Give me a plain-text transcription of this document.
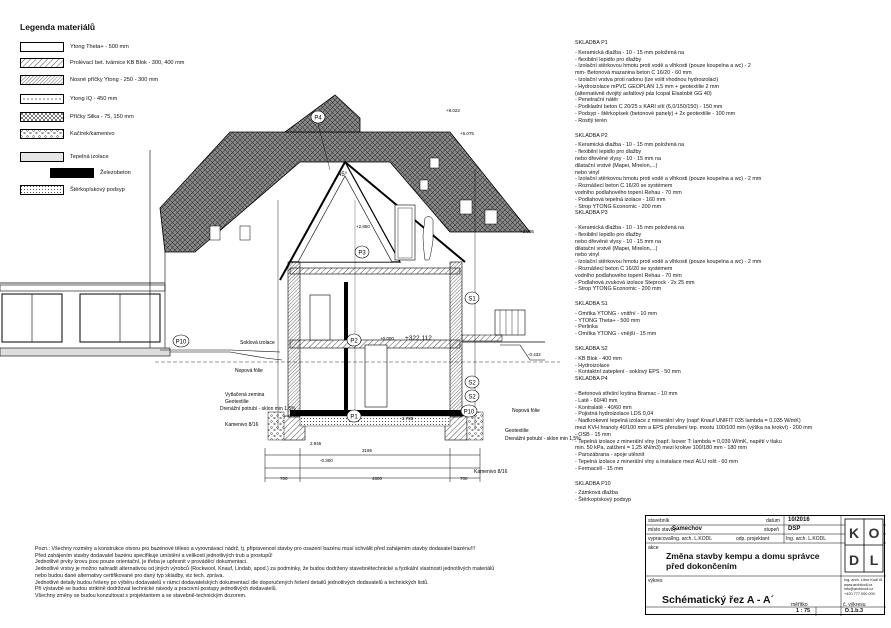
Legenda materiálů
Ytong Theta+ - 500 mm
Prolévací bet. tvárnice KB Blok - 300, 400 mm
Nosné příčky Ytong - 250 - 300 mm
Ytong IQ - 450 mm
Příčky Silka - 75, 150 mm
Kačírek/kamenivo
Tepelná izolace
Železobeton
Štěrkopískový podsyp
P4
P3
P2
P1
P10
P10
S1
S2
S2
+8.022
+6.075
+3.905
+2.850
+0.000 +322,112
-0.432
-0.300
45°
Soklová izolace
Nopová fólie
Vytlačená zemina
Geotextilie
Drenážní potrubí - sklon min 1,5%
Kamenivo 8/16
Nopová fólie
Geotextilie
Drenážní potrubí - sklon min 1,5%
Kamenivo 8/16
700	4800	700
3195
2.945
2.780
SKLADBA P1
- Keramická dlažba - 10 - 15 mm položená na
- flexibilní lepidlo pro dlažby
- Izolační stěrkovou hmotu proti vodě a vlhkosti (pouze koupelna a wc) - 2
mm- Betonová mazanina beton C 16/20 - 60 mm
- Izolační vrstva proti radonu (ize volit vhodnou hydroizolaci)
- Hydroizolace mPVC GEOPLAN 1,5 mm + geotextilie 2 mm
(alternativně dvojitý asfaltový pás Icopal Elastobit GG 40)
- Penetrační nátěr
- Podkladní beton C 20/25 s KARI sítí (6,0/150/150) - 150 mm
- Podsyp - štěrkopísek (betonové panely) + 2x geotextilie - 100 mm
- Rostlý terén
SKLADBA P2
- Keramická dlažba - 10 - 15 mm položená na
- flexibilní lepidlo pro dlažby
nebo dřevěné vlysy - 10 - 15 mm na
dilatační vrstvě (Mapei, Mirelon,...)
nebo vinyl
- Izolační stěrkovou hmotu proti vodě a vlhkosti (pouze koupelna a wc) - 2 mm
- Roznášecí beton C 16/20 se systémem
vodního podlahového topení Rehau - 70 mm
- Podlahová tepelná izolace - 160 mm
- Strop YTONG Economic - 200 mm
SKLADBA P3
- Keramická dlažba - 10 - 15 mm položená na
- flexibilní lepidlo pro dlažby
nebo dřevěné vlysy - 10 - 15 mm na
dilatační vrstvě (Mapei, Mirelon,...)
nebo vinyl
- Izolační stěrkovou hmotu proti vodě a vlhkosti (pouze koupelna a wc) - 2 mm
- Roznášecí beton C 16/20 se systémem
vodního podlahového topení Rehau - 70 mm
- Podlahová zvuková izolace Steprock - 2x 25 mm
- Strop YTONG Economic - 200 mm
SKLADBA S1
- Omítka YTONG - vnitřní - 10 mm
- YTONG Theta+ - 500 mm
- Perlinka
- Omítka YTONG - vnější - 15 mm
SKLADBA S2
- KB Blok - 400 mm
- Hydroizolace
- Kontaktní zateplení - soklový EPS - 50 mm
SKLADBA P4
- Betonová střešní krytina Bramac - 10 mm
- Latě - 60/40 mm
- Kontralatě - 40/60 mm
- Pojistná hydroizolace LDS 0,04
- Nadkrokevní tepelná izolace z minerální vlny (např Knauf UNIFIT 035 lambda = 0,035 W/mK)
mezi KVH hranoly 40/100 mm a EPS přerušení tep. mostu 100/100 mm (výška na krokví) - 200 mm
- OSB - 15 mm
- Tepelná izolace z minerální vlny (např. Isover T: lambda = 0,039 W/mK, napětí v tlaku
min. 50 kPa, zatížení = 1,25 kN/m3) mezi krokve 100/180 mm - 180 mm
- Parozábrana - spoje utěsnit
- Tepelná izolace z minerální vlny a instalace mezi ALU rošt - 60 mm
- Fermacell - 15 mm
SKLADBA P10
- Zámková dlažba
- Štěrkopískový podsyp
Pozn.: Všechny rozměry a konstrukce otvoru pro bazénové těleso a vyrovnávací nádrž, tj. připravenost stavby pro osazení bazénu musí schválit před zahájením stavby dodavatel bazénu!!!
Před zahájením stavby dodavatel bazénu specifikuje umístění a velikosti jednotlivých trub a prostupů!
Jednotlivé prvky krovu jsou pouze orientační, je třeba je upřesnit v prováděcí dokumentaci.
Jednotlivé vrstvy je možno nahradit alternativou od jiných výrobců (Rockwool, Knauf, Lindab, apod.) za podmínky, že budou dodrženy stavebnětechnické a fyzikální vlastnosti jednotlivých materiálů
nebo budou dané alternativy certifikované pro daný typ skladby, viz tech. zpráva.
Jednotlivé detaily budou řešeny po výběru dodavatelů v rámci dodavatelských dokumentací dle doporučených řešení detailů jednotlivých dodavatelů a technických listů.
Při výstavbě se budou striktně dodržovat technické návody a pracovní postupy jednotlivých dodavatelů.
Všechny změny se budou konzultovat s projektantem a se stavebně-technickým dozorem.
stavebník
místo stavby
Samechov
vypracoval Ing. arch. L.KODL	odp. projektant	Ing. arch. L.KODL
datum 10/2016
stupeň DSP
akce
Změna stavby kempu a domu správce před dokončením
výkres
Schématický řez A - A´	měřítko
1 : 75
č. výkresu
D.1.b.3
K O
D L
Ing. arch. Libor Kodl III.
www.archkodl.cz
info@archkodl.cz
+420 777 000 000
